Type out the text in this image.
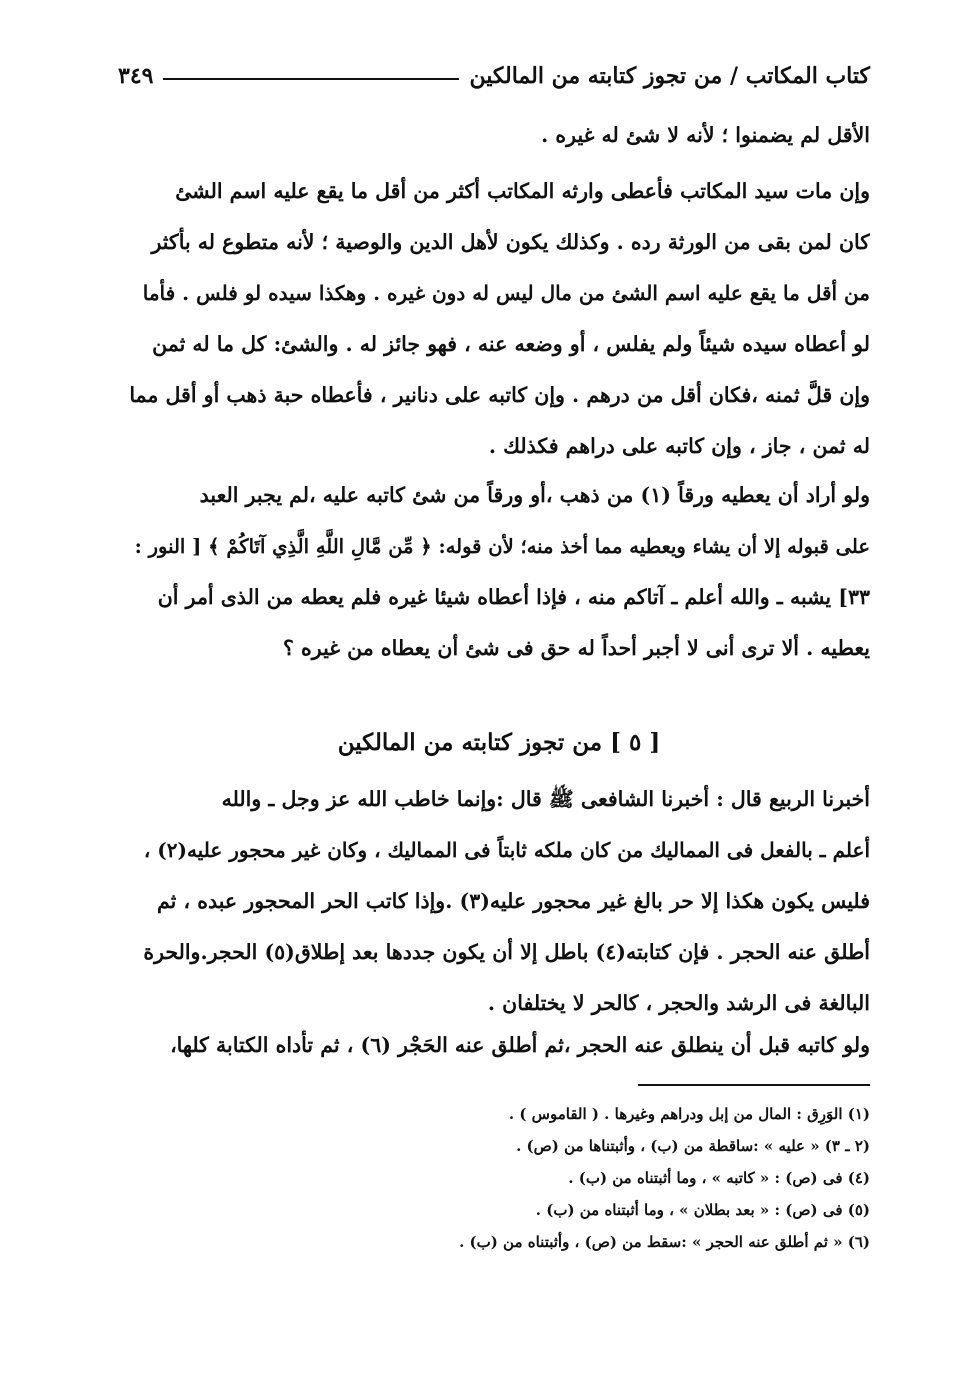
كتاب المكاتب / من تجوز كتابته من المالكين
٣٤٩
الأقل لم يضمنوا ؛ لأنه لا شئ له غيره .
وإن مات سيد المكاتب فأعطى وارثه المكاتب أكثر من أقل ما يقع عليه اسم الشئ
كان لمن بقى من الورثة رده . وكذلك يكون لأهل الدين والوصية ؛ لأنه متطوع له بأكثر
من أقل ما يقع عليه اسم الشئ من مال ليس له دون غيره . وهكذا سيده لو فلس . فأما
لو أعطاه سيده شيئاً ولم يفلس ، أو وضعه عنه ، فهو جائز له . والشئ: كل ما له ثمن
وإن قلَّ ثمنه ،فكان أقل من درهم . وإن كاتبه على دنانير ، فأعطاه حبة ذهب أو أقل مما
له ثمن ، جاز ، وإن كاتبه على دراهم فكذلك .
ولو أراد أن يعطيه ورقاً (١) من ذهب ،أو ورقاً من شئ كاتبه عليه ،لم يجبر العبد
على قبوله إلا أن يشاء ويعطيه مما أخذ منه؛ لأن قوله: ﴿ مِّن مَّالِ اللَّهِ الَّذِي آتَاكُمْ ﴾ [ النور :
٣٣] يشبه ـ والله أعلم ـ آتاكم منه ، فإذا أعطاه شيئا غيره فلم يعطه من الذى أمر أن
يعطيه . ألا ترى أنى لا أجبر أحداً له حق فى شئ أن يعطاه من غيره ؟
[ ٥ ] من تجوز كتابته من المالكين
أخبرنا الربيع قال : أخبرنا الشافعى ﷺ قال :وإنما خاطب الله عز وجل ـ والله
أعلم ـ بالفعل فى المماليك من كان ملكه ثابتاً فى المماليك ، وكان غير محجور عليه(٢) ،
فليس يكون هكذا إلا حر بالغ غير محجور عليه(٣) .وإذا كاتب الحر المحجور عبده ، ثم
أطلق عنه الحجر . فإن كتابته(٤) باطل إلا أن يكون جددها بعد إطلاق(٥) الحجر.والحرة
البالغة فى الرشد والحجر ، كالحر لا يختلفان .
ولو كاتبه قبل أن ينطلق عنه الحجر ،ثم أطلق عنه الحَجْر (٦) ، ثم تأداه الكتابة كلها،
(١) الوَرِق : المال من إبل ودراهم وغيرها . ( القاموس ) .
(٢ ـ ٣) « عليه » :ساقطة من (ب) ، وأثبتناها من (ص) .
(٤) فى (ص) : « كاتبه » ، وما أثبتناه من (ب) .
(٥) فى (ص) : « بعد بطلان » ، وما أثبتناه من (ب) .
(٦) « ثم أطلق عنه الحجر » :سقط من (ص) ، وأثبتناه من (ب) .
